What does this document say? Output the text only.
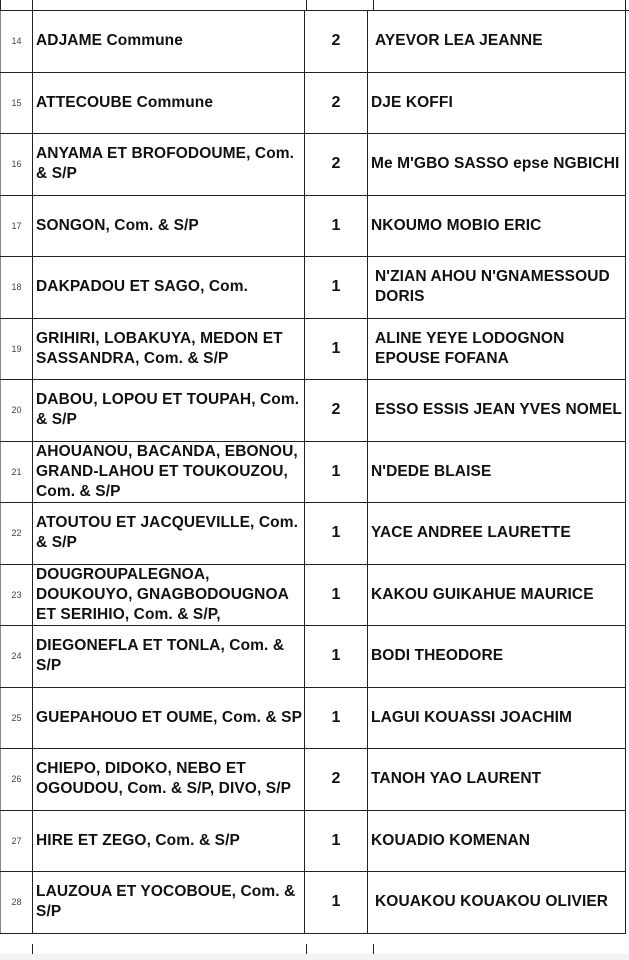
14	ADJAME Commune	2	AYEVOR LEA JEANNE
15	ATTECOUBE Commune	2	DJE KOFFI
16	ANYAMA ET BROFODOUME, Com. & S/P	2	Me M'GBO SASSO epse NGBICHI
17	SONGON, Com. & S/P	1	NKOUMO MOBIO ERIC
18	DAKPADOU ET SAGO, Com.	1	N'ZIAN AHOU N'GNAMESSOUD DORIS
19	GRIHIRI, LOBAKUYA, MEDON ET SASSANDRA, Com. & S/P	1	ALINE YEYE LODOGNON EPOUSE FOFANA
20	DABOU, LOPOU ET TOUPAH, Com. & S/P	2	ESSO ESSIS JEAN YVES NOMEL
21	AHOUANOU, BACANDA, EBONOU, GRAND-LAHOU ET TOUKOUZOU, Com. & S/P	1	N'DEDE BLAISE
22	ATOUTOU ET JACQUEVILLE, Com. & S/P	1	YACE ANDREE LAURETTE
23	DOUGROUPALEGNOA, DOUKOUYO, GNAGBODOUGNOA ET SERIHIO, Com. & S/P,	1	KAKOU GUIKAHUE MAURICE
24	DIEGONEFLA ET TONLA, Com. & S/P	1	BODI THEODORE
25	GUEPAHOUO ET OUME, Com. & SP	1	LAGUI KOUASSI JOACHIM
26	CHIEPO, DIDOKO, NEBO ET OGOUDOU, Com. & S/P, DIVO, S/P	2	TANOH YAO LAURENT
27	HIRE ET ZEGO, Com. & S/P	1	KOUADIO KOMENAN
28	LAUZOUA ET YOCOBOUE, Com. & S/P	1	KOUAKOU KOUAKOU OLIVIER
